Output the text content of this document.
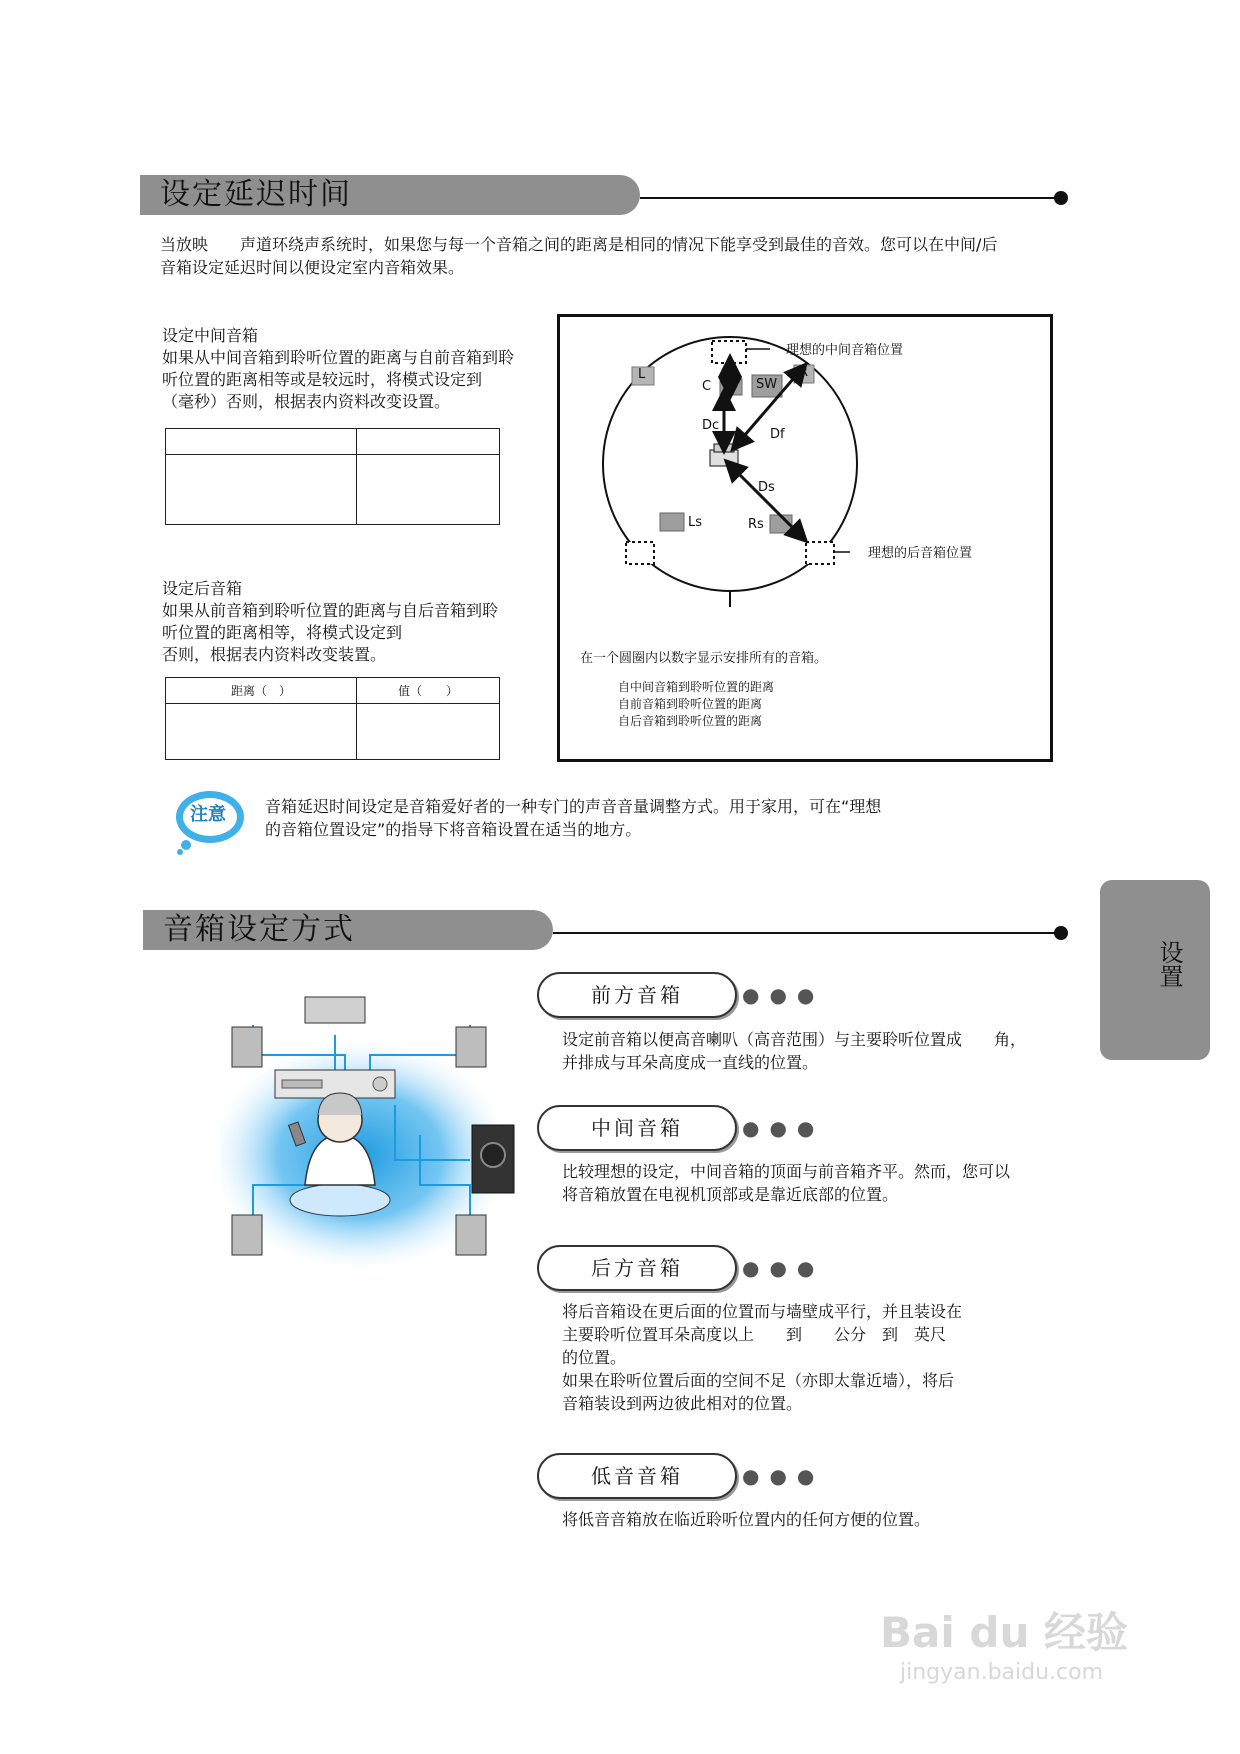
设定延迟时间
当放映　　声道环绕声系统时，如果您与每一个音箱之间的距离是相同的情况下能享受到最佳的音效。您可以在中间/后
音箱设定延迟时间以便设定室内音箱效果。
设定中间音箱
如果从中间音箱到聆听位置的距离与自前音箱到聆
听位置的距离相等或是较远时，将模式设定到
（毫秒）否则，根据表内资料改变设置。

设定后音箱
如果从前音箱到聆听位置的距离与自后音箱到聆
听位置的距离相等，将模式设定到
否则，根据表内资料改变装置。
距离（　）	值（　　）

L	R
C	SW
Ls	Rs
Dc
Df
Ds
理想的中间音箱位置
理想的后音箱位置
在一个圆圈内以数字显示安排所有的音箱。
自中间音箱到聆听位置的距离
自前音箱到聆听位置的距离
自后音箱到聆听位置的距离
注意 音箱延迟时间设定是音箱爱好者的一种专门的声音音量调整方式。用于家用，可在“理想
的音箱位置设定”的指导下将音箱设置在适当的地方。
音箱设定方式
设置
前方音箱	●●●
设定前音箱以便高音喇叭（高音范围）与主要聆听位置成　　角，
并排成与耳朵高度成一直线的位置。
中间音箱	●●●
比较理想的设定，中间音箱的顶面与前音箱齐平。然而，您可以
将音箱放置在电视机顶部或是靠近底部的位置。
后方音箱	●●●
将后音箱设在更后面的位置而与墙壁成平行，并且装设在
主要聆听位置耳朵高度以上　　到　　公分　到　英尺
的位置。
如果在聆听位置后面的空间不足（亦即太靠近墙），将后
音箱装设到两边彼此相对的位置。
低音音箱	●●●
将低音音箱放在临近聆听位置内的任何方便的位置。
Bai du 经验
jingyan.baidu.com
